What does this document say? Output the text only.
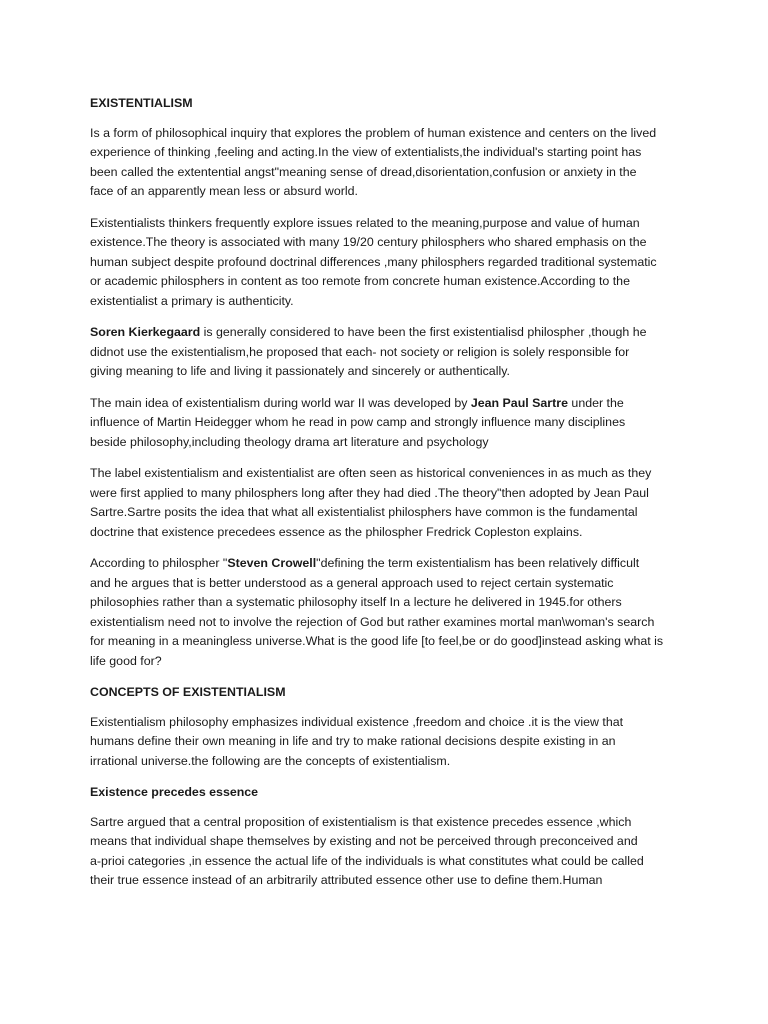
EXISTENTIALISM

Is a form of philosophical inquiry that explores the problem of human existence and centers on the lived
experience of thinking ,feeling and acting.In the view of extentialists,the individual's starting point has
been called the extentential angst"meaning sense of dread,disorientation,confusion or anxiety in the
face of an apparently mean less or absurd world.

Existentialists thinkers frequently explore issues related to the meaning,purpose and value of human
existence.The theory is associated with many 19/20 century philosphers who shared emphasis on the
human subject despite profound doctrinal differences ,many philosphers regarded traditional systematic
or academic philosphers in content as too remote from concrete human existence.According to the
existentialist a primary is authenticity.

Soren Kierkegaard is generally considered to have been the first existentialisd philospher ,though he
didnot use the existentialism,he proposed that each- not society or religion is solely responsible for
giving meaning to life and living it passionately and sincerely or authentically.

The main idea of existentialism during world war II was developed by Jean Paul Sartre under the
influence of Martin Heidegger whom he read in pow camp and strongly influence many disciplines
beside philosophy,including theology drama art literature and psychology

The label existentialism and existentialist are often seen as historical conveniences in as much as they
were first applied to many philosphers long after they had died .The theory"then adopted by Jean Paul
Sartre.Sartre posits the idea that what all existentialist philosphers have common is the fundamental
doctrine that existence precedees essence as the philospher Fredrick Copleston explains.

According to philospher "Steven Crowell"defining the term existentialism has been relatively difficult
and he argues that is better understood as a general approach used to reject certain systematic
philosophies rather than a systematic philosophy itself In a lecture he delivered in 1945.for others
existentialism need not to involve the rejection of God but rather examines mortal man\woman's search
for meaning in a meaningless universe.What is the good life [to feel,be or do good]instead asking what is
life good for?

CONCEPTS OF EXISTENTIALISM

Existentialism philosophy emphasizes individual existence ,freedom and choice .it is the view that
humans define their own meaning in life and try to make rational decisions despite existing in an
irrational universe.the following are the concepts of existentialism.

Existence precedes essence

Sartre argued that a central proposition of existentialism is that existence precedes essence ,which
means that individual shape themselves by existing and not be perceived through preconceived and
a-prioi categories ,in essence the actual life of the individuals is what constitutes what could be called
their true essence instead of an arbitrarily attributed essence other use to define them.Human
